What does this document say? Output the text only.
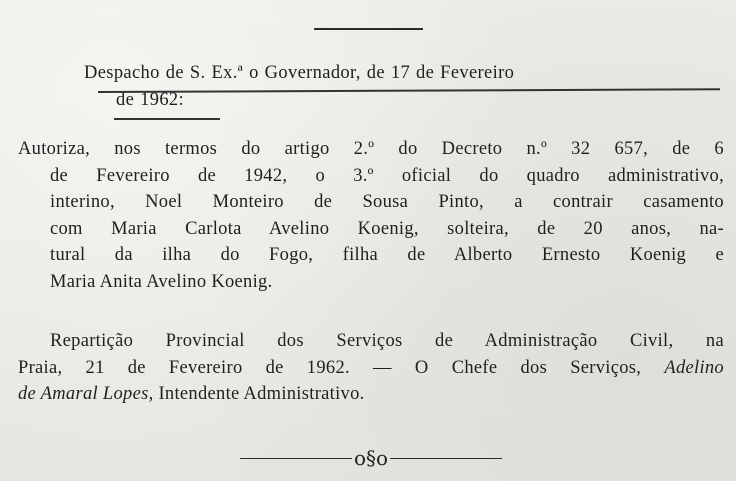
Despacho de S. Ex.ª o Governador, de 17 de Fevereiro
de 1962:
Autoriza, nos termos do artigo 2.º do Decreto n.º 32 657, de 6
de Fevereiro de 1942, o 3.º oficial do quadro administrativo,
interino, Noel Monteiro de Sousa Pinto, a contrair casamento
com Maria Carlota Avelino Koenig, solteira, de 20 anos, na-
tural da ilha do Fogo, filha de Alberto Ernesto Koenig e
Maria Anita Avelino Koenig.
Repartição Provincial dos Serviços de Administração Civil, na
Praia, 21 de Fevereiro de 1962. — O Chefe dos Serviços, Adelino
de Amaral Lopes, Intendente Administrativo.
o§o
